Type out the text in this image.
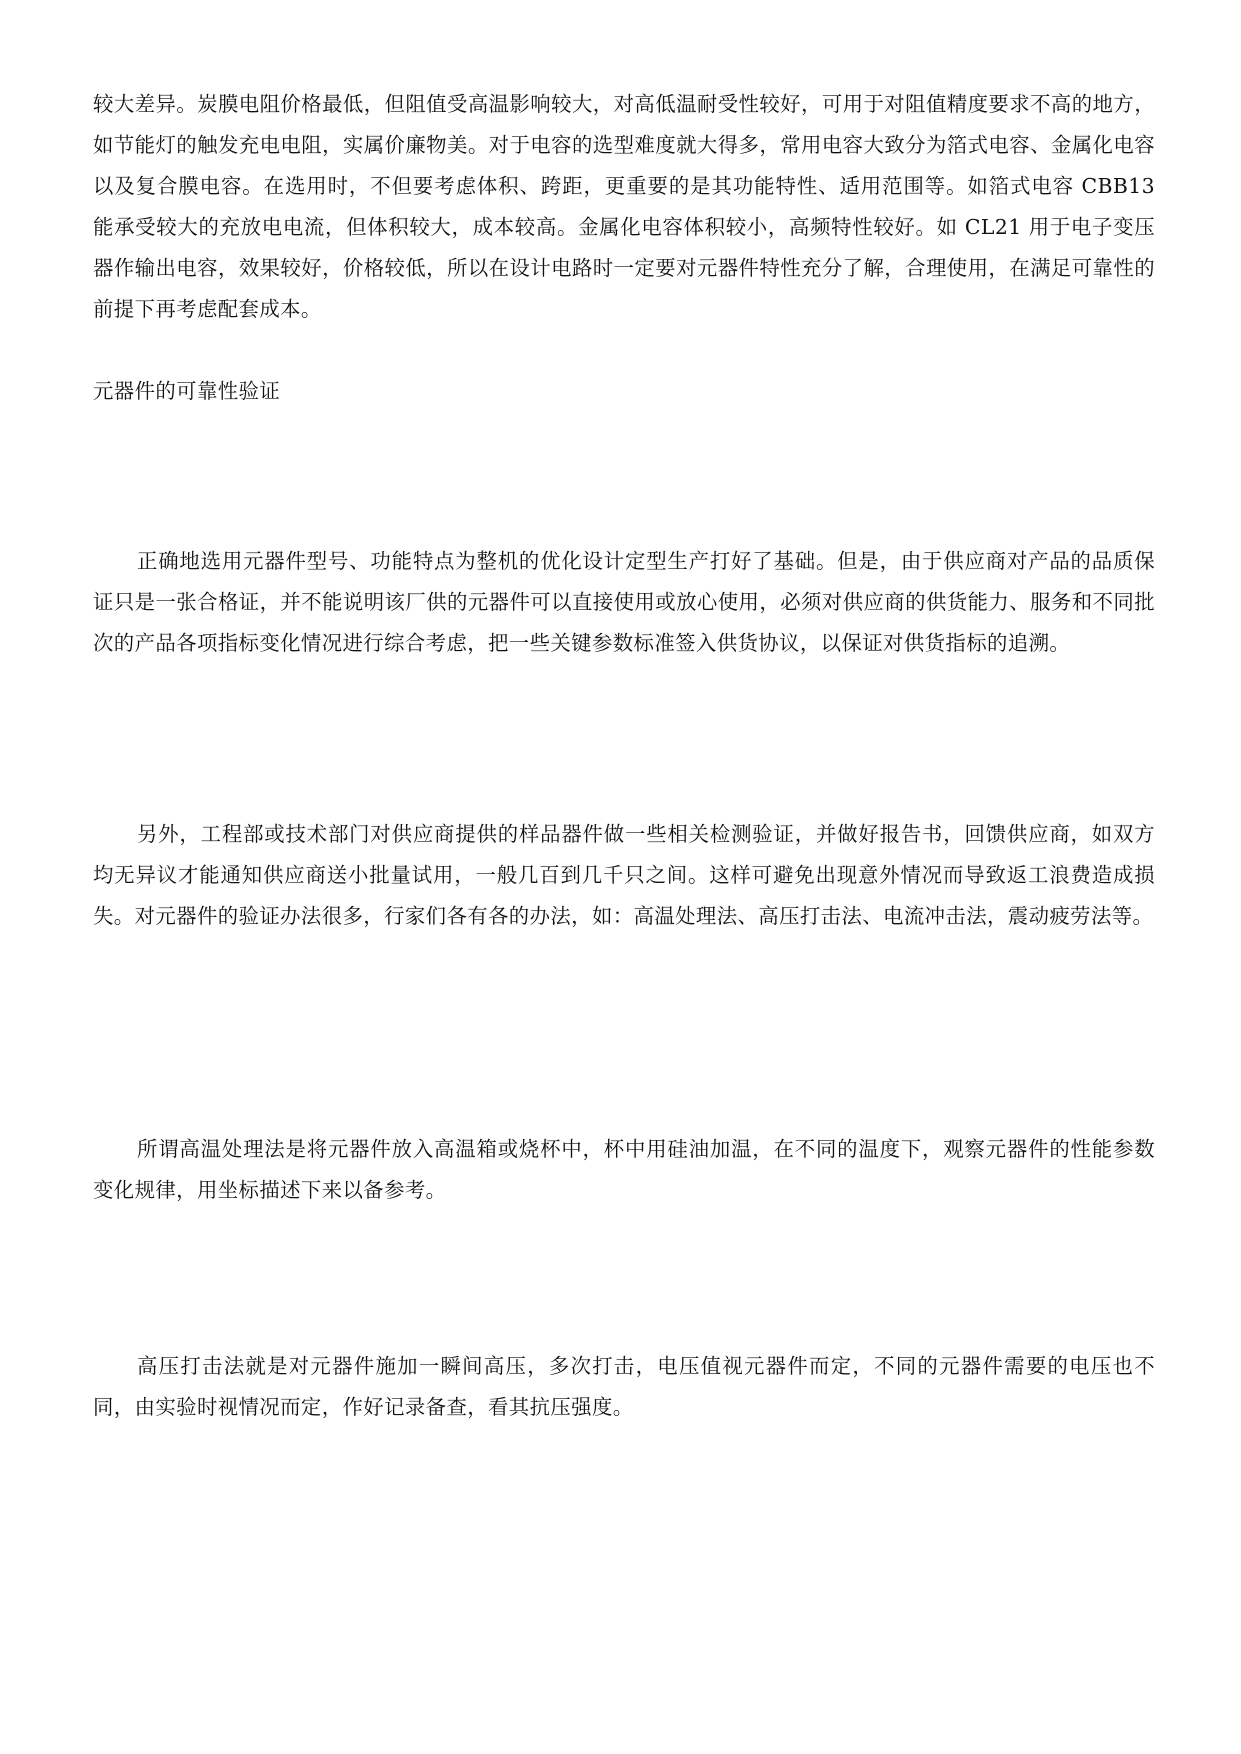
较大差异。炭膜电阻价格最低，但阻值受高温影响较大，对高低温耐受性较好，可用于对阻值精度要求不高的地方，如节能灯的触发充电电阻，实属价廉物美。对于电容的选型难度就大得多，常用电容大致分为箔式电容、金属化电容以及复合膜电容。在选用时，不但要考虑体积、跨距，更重要的是其功能特性、适用范围等。如箔式电容 CBB13 能承受较大的充放电电流，但体积较大，成本较高。金属化电容体积较小，高频特性较好。如 CL21 用于电子变压器作输出电容，效果较好，价格较低，所以在设计电路时一定要对元器件特性充分了解，合理使用，在满足可靠性的前提下再考虑配套成本。

元器件的可靠性验证

正确地选用元器件型号、功能特点为整机的优化设计定型生产打好了基础。但是，由于供应商对产品的品质保证只是一张合格证，并不能说明该厂供的元器件可以直接使用或放心使用，必须对供应商的供货能力、服务和不同批次的产品各项指标变化情况进行综合考虑，把一些关键参数标准签入供货协议，以保证对供货指标的追溯。

另外，工程部或技术部门对供应商提供的样品器件做一些相关检测验证，并做好报告书，回馈供应商，如双方均无异议才能通知供应商送小批量试用，一般几百到几千只之间。这样可避免出现意外情况而导致返工浪费造成损失。对元器件的验证办法很多，行家们各有各的办法，如：高温处理法、高压打击法、电流冲击法，震动疲劳法等。

所谓高温处理法是将元器件放入高温箱或烧杯中，杯中用硅油加温，在不同的温度下，观察元器件的性能参数变化规律，用坐标描述下来以备参考。

高压打击法就是对元器件施加一瞬间高压，多次打击，电压值视元器件而定，不同的元器件需要的电压也不同，由实验时视情况而定，作好记录备查，看其抗压强度。
